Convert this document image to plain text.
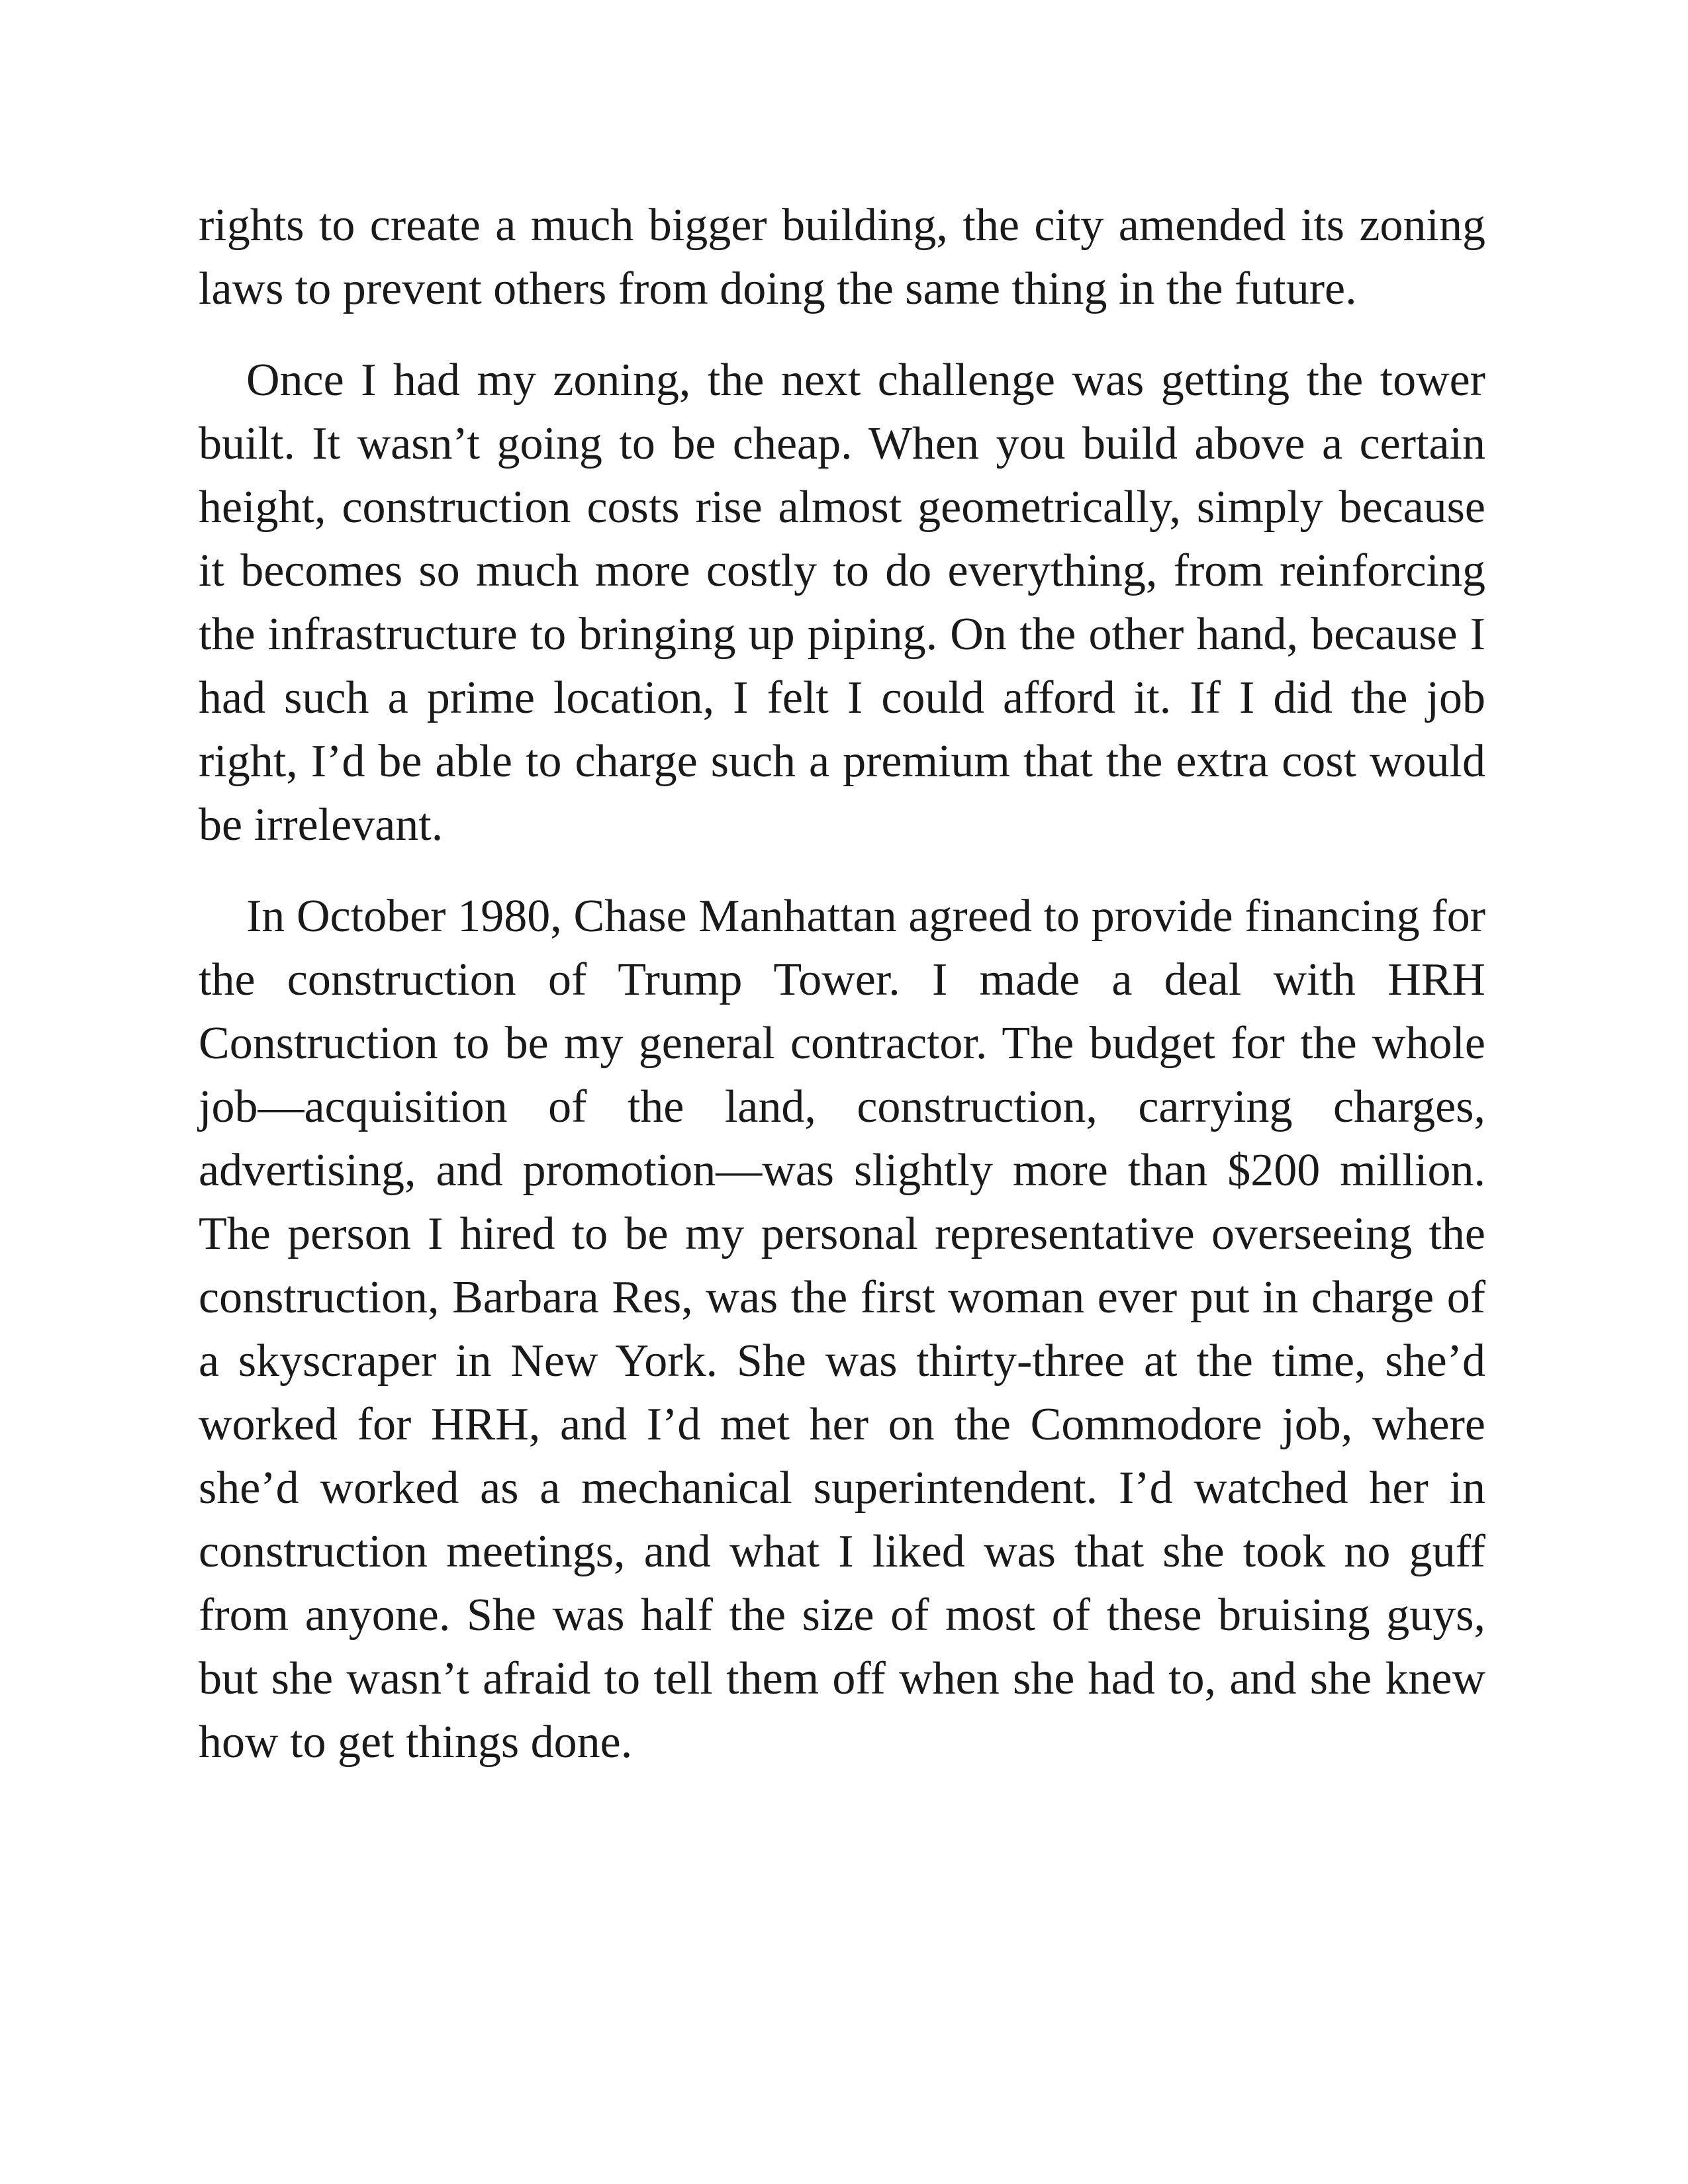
rights to create a much bigger building, the city amended its zoning laws to prevent others from doing the same thing in the future.

Once I had my zoning, the next challenge was getting the tower built. It wasn’t going to be cheap. When you build above a certain height, construction costs rise almost geometrically, simply because it becomes so much more costly to do everything, from reinforcing the infrastructure to bringing up piping. On the other hand, because I had such a prime location, I felt I could afford it. If I did the job right, I’d be able to charge such a premium that the extra cost would be irrelevant.

In October 1980, Chase Manhattan agreed to provide financing for the construction of Trump Tower. I made a deal with HRH Construction to be my general contractor. The budget for the whole job—acquisition of the land, construction, carrying charges, advertising, and promotion—was slightly more than $200 million. The person I hired to be my personal representative overseeing the construction, Barbara Res, was the first woman ever put in charge of a skyscraper in New York. She was thirty-three at the time, she’d worked for HRH, and I’d met her on the Commodore job, where she’d worked as a mechanical superintendent. I’d watched her in construction meetings, and what I liked was that she took no guff from anyone. She was half the size of most of these bruising guys, but she wasn’t afraid to tell them off when she had to, and she knew how to get things done.
